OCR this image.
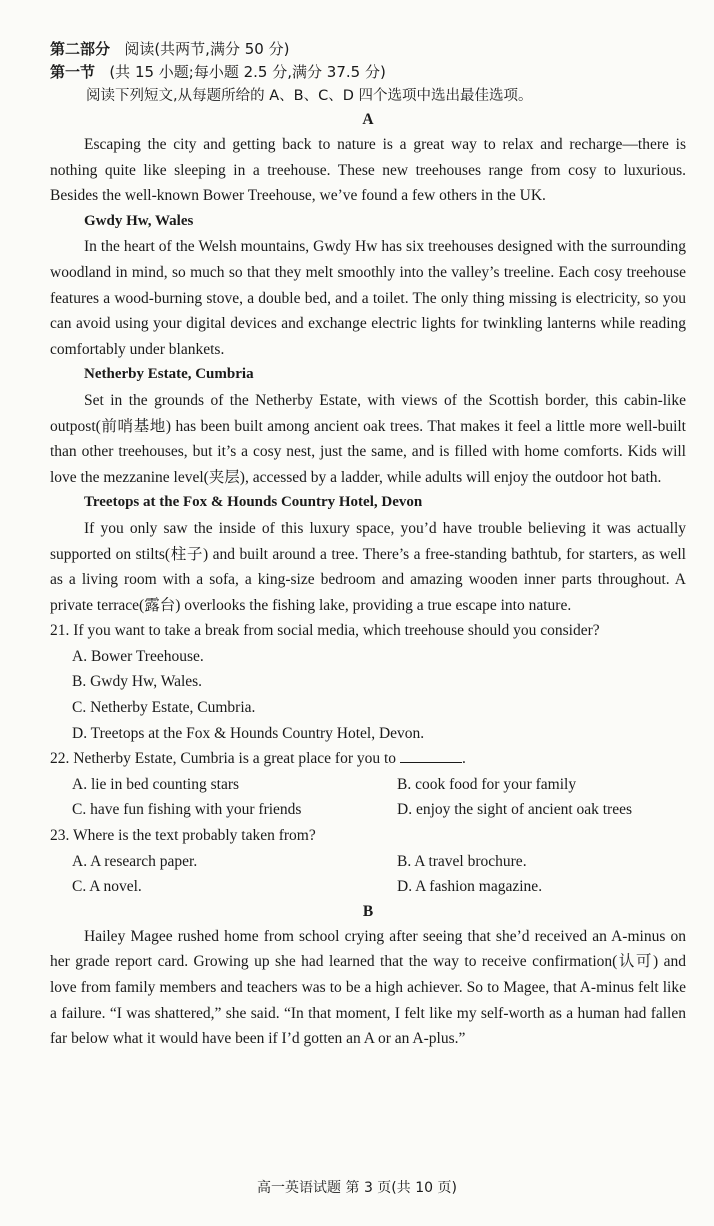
第二部分 阅读(共两节,满分 50 分)
第一节 (共 15 小题;每小题 2.5 分,满分 37.5 分)
阅读下列短文,从每题所给的 A、B、C、D 四个选项中选出最佳选项。
A

Escaping the city and getting back to nature is a great way to relax and recharge—there is nothing quite like sleeping in a treehouse. These new treehouses range from cosy to luxurious. Besides the well-known Bower Treehouse, we’ve found a few others in the UK.

Gwdy Hw, Wales

In the heart of the Welsh mountains, Gwdy Hw has six treehouses designed with the surrounding woodland in mind, so much so that they melt smoothly into the valley’s treeline. Each cosy treehouse features a wood-burning stove, a double bed, and a toilet. The only thing missing is electricity, so you can avoid using your digital devices and exchange electric lights for twinkling lanterns while reading comfortably under blankets.

Netherby Estate, Cumbria

Set in the grounds of the Netherby Estate, with views of the Scottish border, this cabin-like outpost(前哨基地) has been built among ancient oak trees. That makes it feel a little more well-built than other treehouses, but it’s a cosy nest, just the same, and is filled with home comforts. Kids will love the mezzanine level(夹层), accessed by a ladder, while adults will enjoy the outdoor hot bath.

Treetops at the Fox & Hounds Country Hotel, Devon

If you only saw the inside of this luxury space, you’d have trouble believing it was actually supported on stilts(柱子) and built around a tree. There’s a free-standing bathtub, for starters, as well as a living room with a sofa, a king-size bedroom and amazing wooden inner parts throughout. A private terrace(露台) overlooks the fishing lake, providing a true escape into nature.

21. If you want to take a break from social media, which treehouse should you consider?
A. Bower Treehouse.
B. Gwdy Hw, Wales.
C. Netherby Estate, Cumbria.
D. Treetops at the Fox & Hounds Country Hotel, Devon.
22. Netherby Estate, Cumbria is a great place for you to	.
A. lie in bed counting stars	B. cook food for your family
C. have fun fishing with your friends	D. enjoy the sight of ancient oak trees
23. Where is the text probably taken from?
A. A research paper.	B. A travel brochure.
C. A novel.	D. A fashion magazine.
B

Hailey Magee rushed home from school crying after seeing that she’d received an A-minus on her grade report card. Growing up she had learned that the way to receive confirmation(认可) and love from family members and teachers was to be a high achiever. So to Magee, that A-minus felt like a failure. “I was shattered,” she said. “In that moment, I felt like my self-worth as a human had fallen far below what it would have been if I’d gotten an A or an A-plus.”

高一英语试题 第 3 页(共 10 页)
